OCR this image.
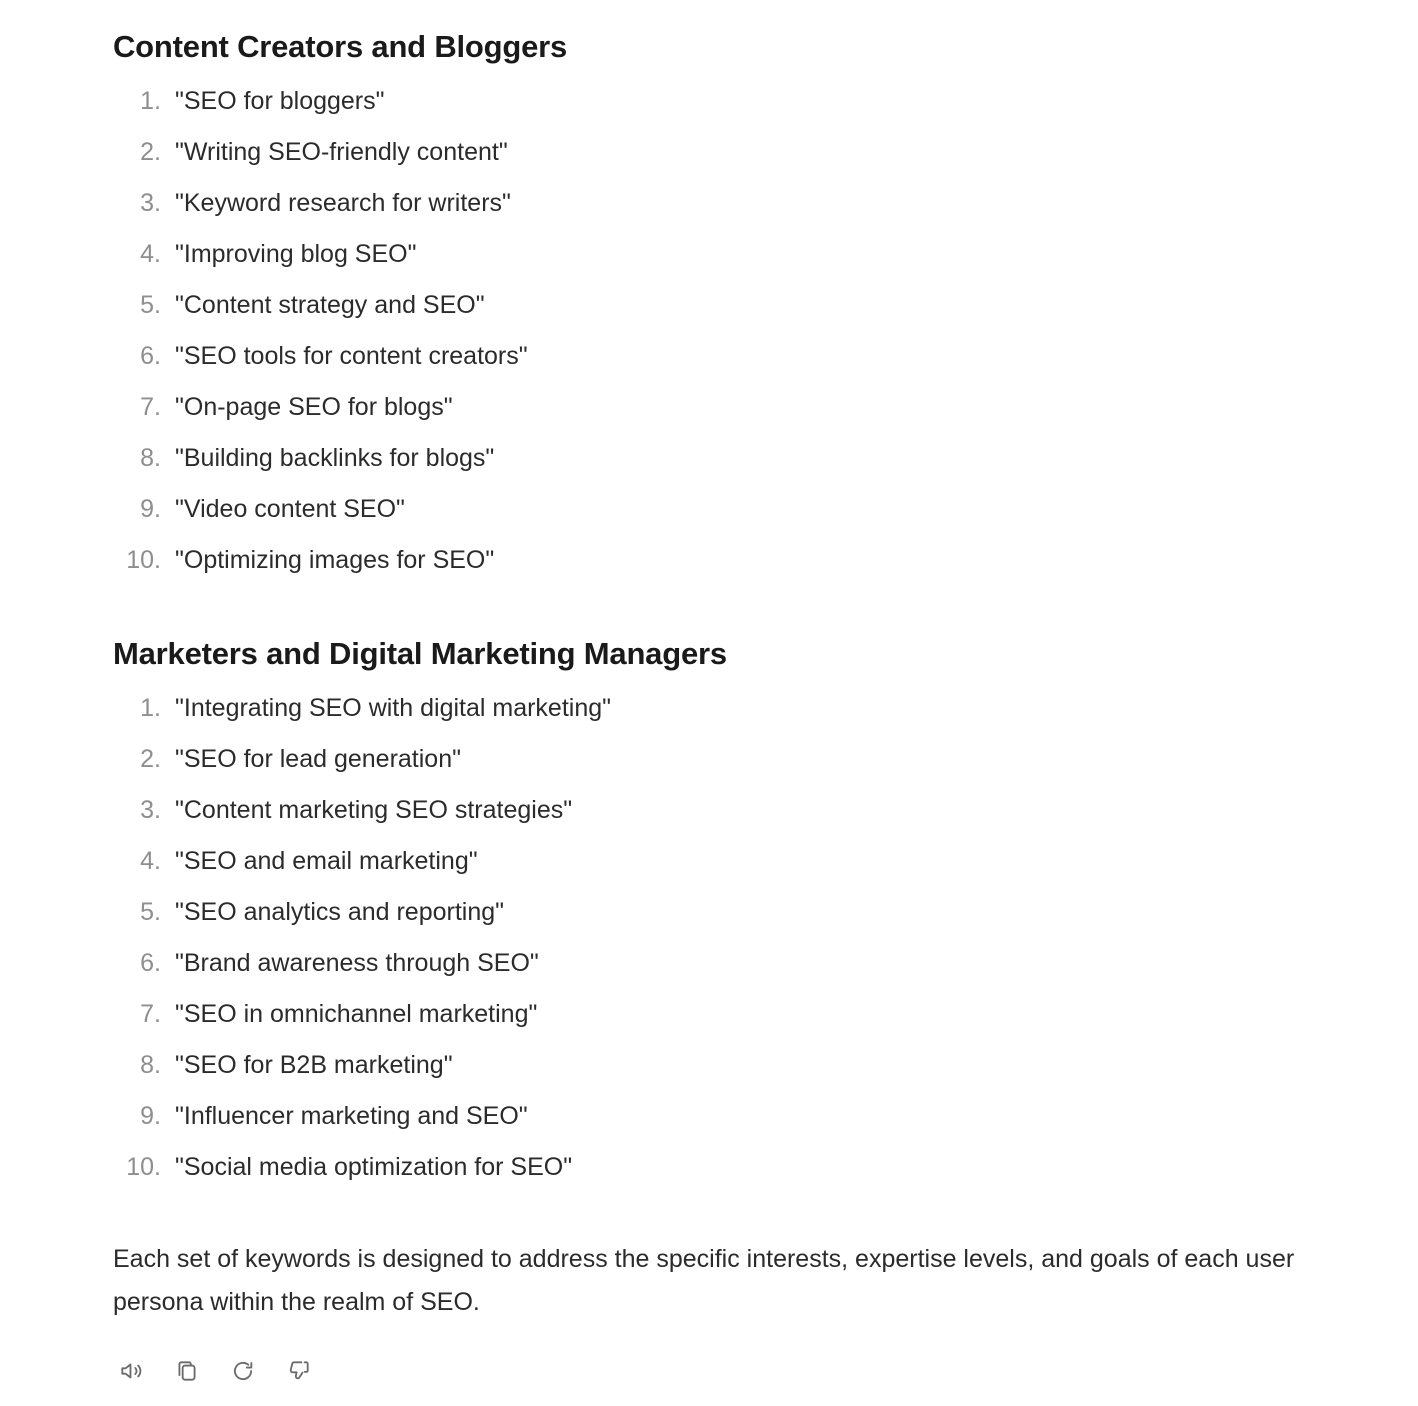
Content Creators and Bloggers
1. "SEO for bloggers"
2. "Writing SEO-friendly content"
3. "Keyword research for writers"
4. "Improving blog SEO"
5. "Content strategy and SEO"
6. "SEO tools for content creators"
7. "On-page SEO for blogs"
8. "Building backlinks for blogs"
9. "Video content SEO"
10. "Optimizing images for SEO"
Marketers and Digital Marketing Managers
1. "Integrating SEO with digital marketing"
2. "SEO for lead generation"
3. "Content marketing SEO strategies"
4. "SEO and email marketing"
5. "SEO analytics and reporting"
6. "Brand awareness through SEO"
7. "SEO in omnichannel marketing"
8. "SEO for B2B marketing"
9. "Influencer marketing and SEO"
10. "Social media optimization for SEO"

Each set of keywords is designed to address the specific interests, expertise levels, and goals of each user persona within the realm of SEO.
